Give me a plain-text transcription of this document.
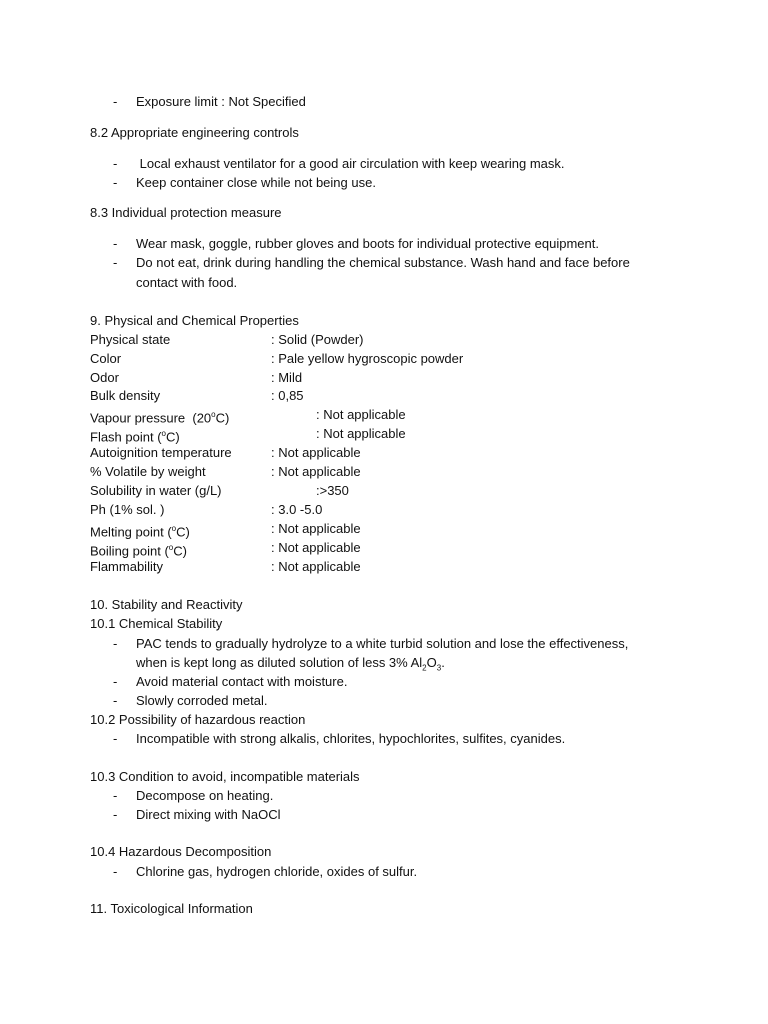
- Exposure limit : Not Specified
8.2 Appropriate engineering controls
- Local exhaust ventilator for a good air circulation with keep wearing mask.
- Keep container close while not being use.
8.3 Individual protection measure
- Wear mask, goggle, rubber gloves and boots for individual protective equipment.
- Do not eat, drink during handling the chemical substance. Wash hand and face before
contact with food.
9. Physical and Chemical Properties
Physical state	: Solid (Powder)
Color	: Pale yellow hygroscopic powder
Odor	: Mild
Bulk density	: 0,85
Vapour pressure  (20$^o$C)	: Not applicable
Flash point ($^o$C)	: Not applicable
Autoignition temperature	: Not applicable
% Volatile by weight	: Not applicable
Solubility in water (g/L)	:>350
Ph (1% sol. )	: 3.0 -5.0
Melting point ($^o$C)	: Not applicable
Boiling point ($^o$C)	: Not applicable
Flammability	: Not applicable
10. Stability and Reactivity
10.1 Chemical Stability
- PAC tends to gradually hydrolyze to a white turbid solution and lose the effectiveness,
when is kept long as diluted solution of less 3% $Al_2O_3$.
- Avoid material contact with moisture.
- Slowly corroded metal.
10.2 Possibility of hazardous reaction
- Incompatible with strong alkalis, chlorites, hypochlorites, sulfites, cyanides.
10.3 Condition to avoid, incompatible materials
- Decompose on heating.
- Direct mixing with NaOCl
10.4 Hazardous Decomposition
- Chlorine gas, hydrogen chloride, oxides of sulfur.
11. Toxicological Information
